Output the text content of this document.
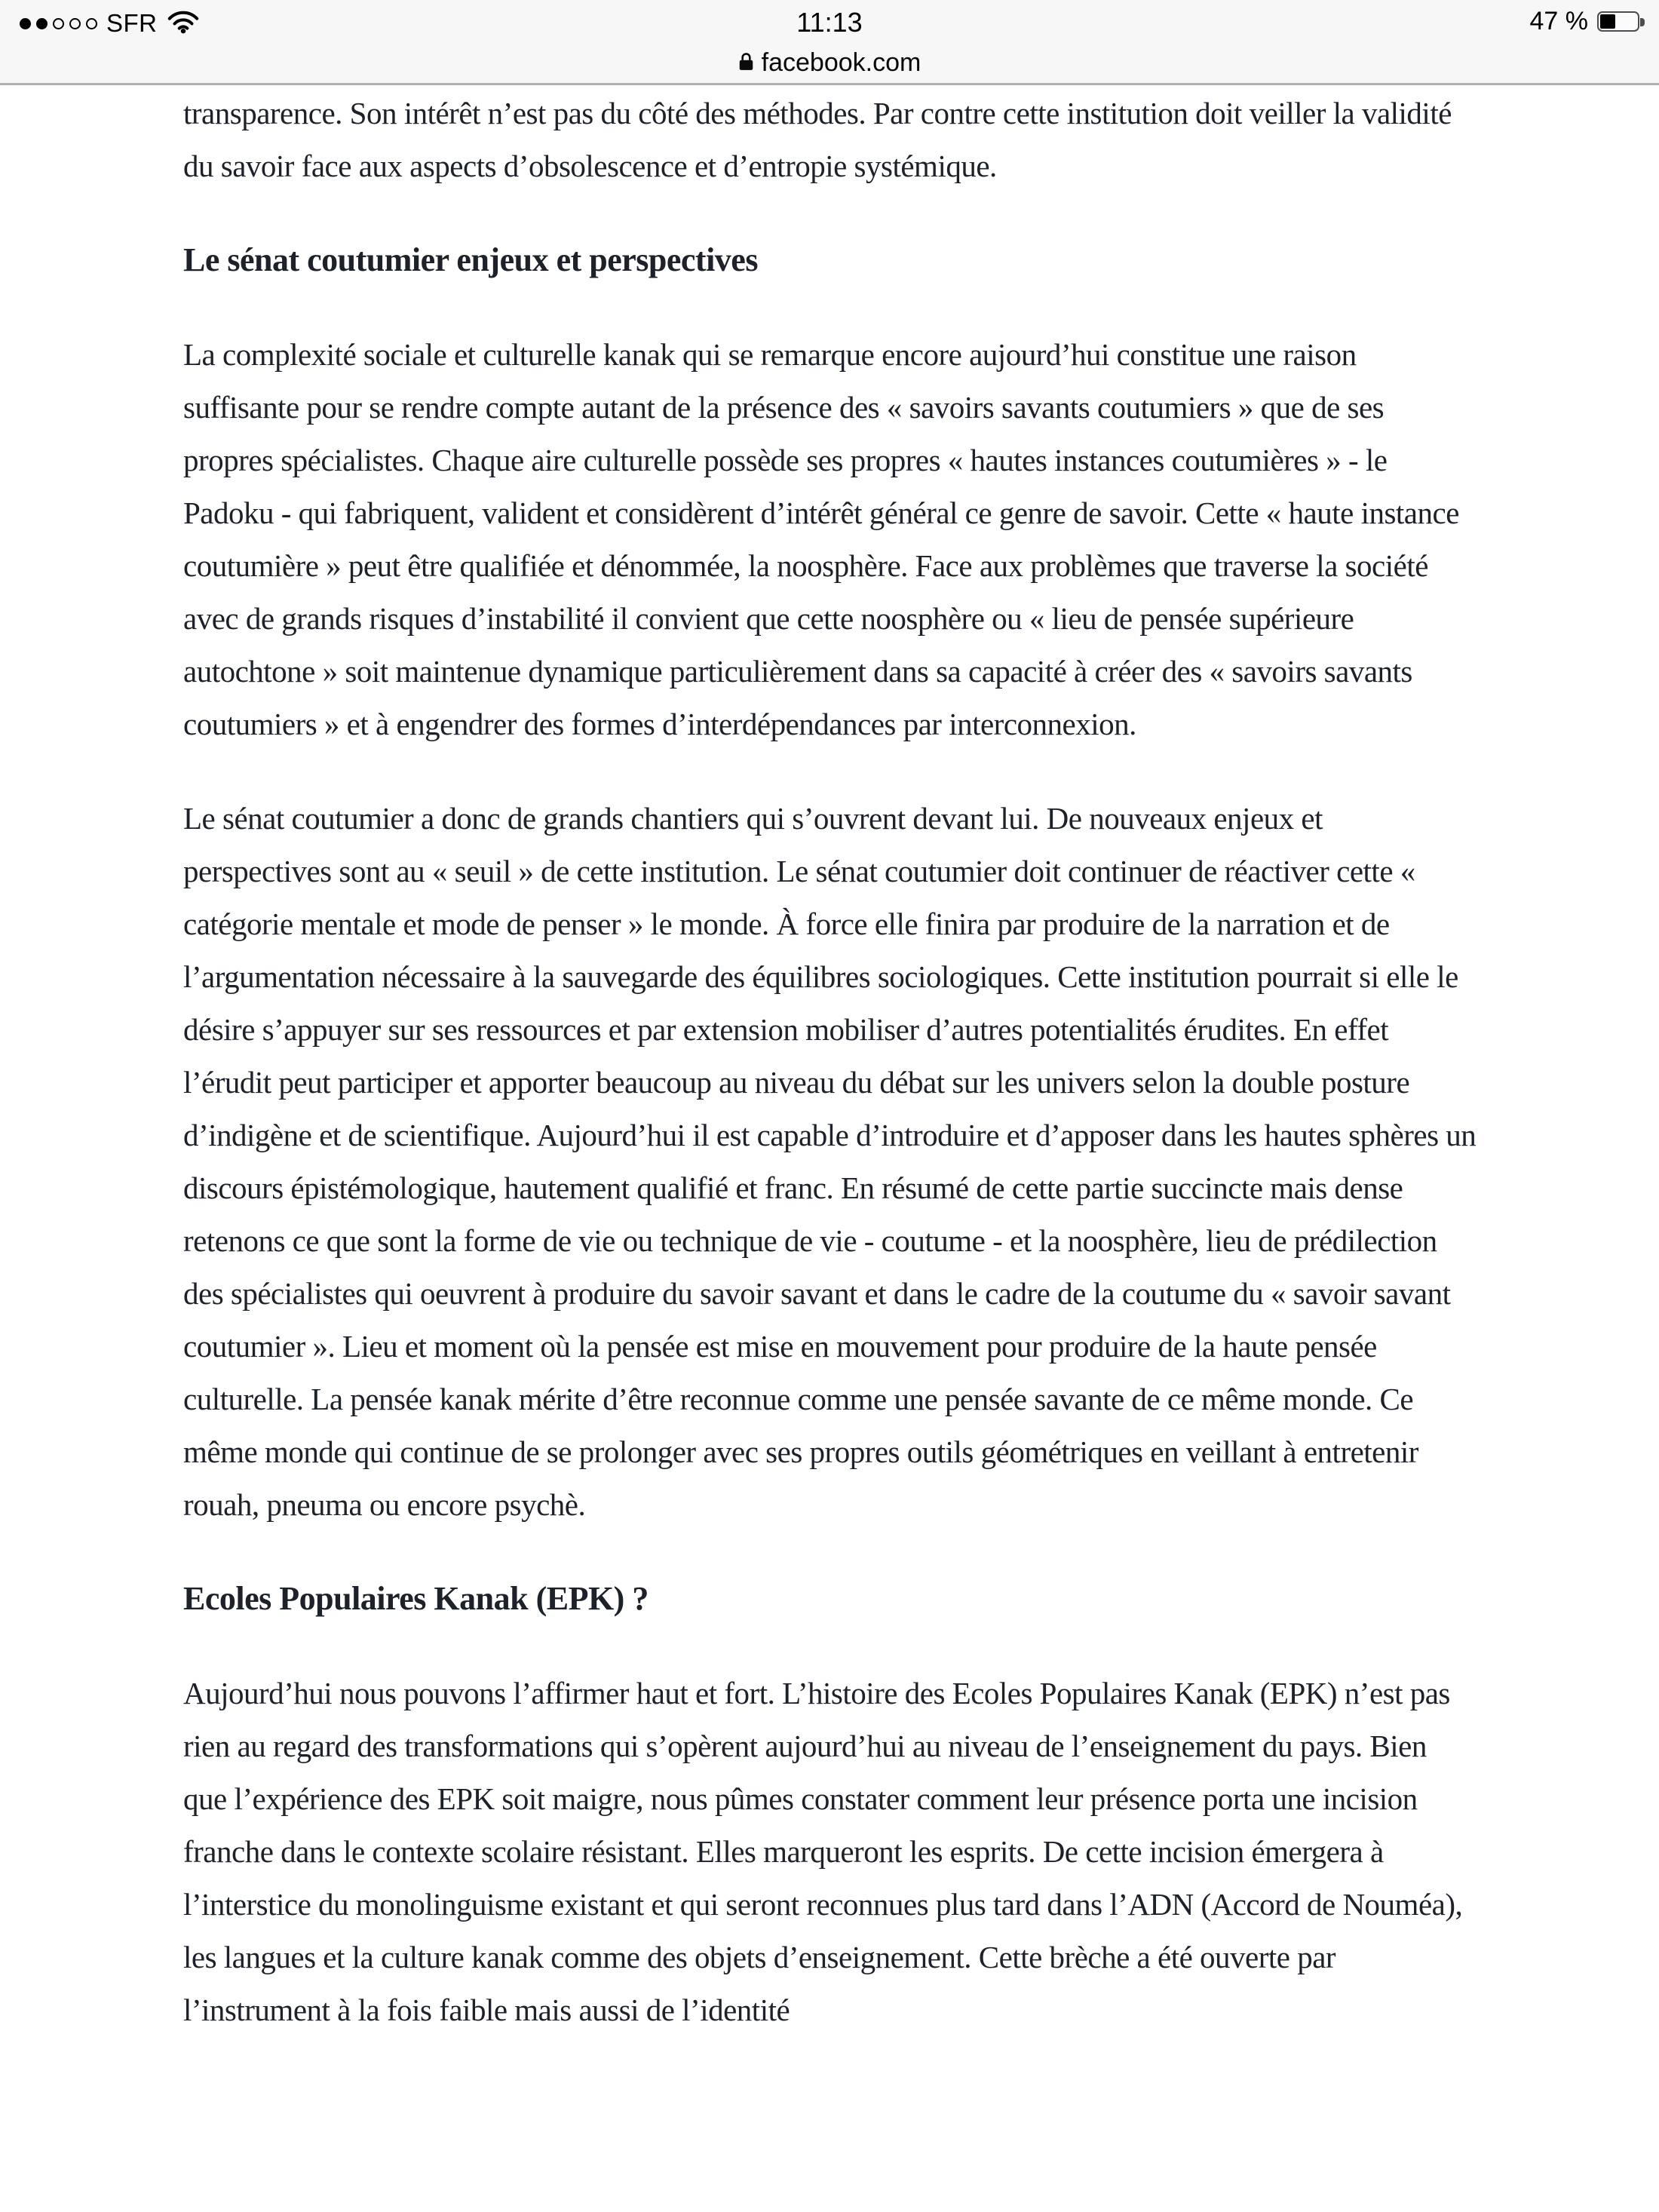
SFR	11:13	47 %
facebook.com

transparence. Son intérêt n’est pas du côté des méthodes. Par contre cette institution doit veiller la validité du savoir face aux aspects d’obsolescence et d’entropie systémique.

Le sénat coutumier enjeux et perspectives

La complexité sociale et culturelle kanak qui se remarque encore aujourd’hui constitue une raison suffisante pour se rendre compte autant de la présence des « savoirs savants coutumiers » que de ses propres spécialistes. Chaque aire culturelle possède ses propres « hautes instances coutumières » - le Padoku - qui fabriquent, valident et considèrent d’intérêt général ce genre de savoir. Cette « haute instance coutumière » peut être qualifiée et dénommée, la noosphère. Face aux problèmes que traverse la société avec de grands risques d’instabilité il convient que cette noosphère ou « lieu de pensée supérieure autochtone » soit maintenue dynamique particulièrement dans sa capacité à créer des « savoirs savants coutumiers » et à engendrer des formes d’interdépendances par interconnexion.

Le sénat coutumier a donc de grands chantiers qui s’ouvrent devant lui. De nouveaux enjeux et perspectives sont au « seuil » de cette institution. Le sénat coutumier doit continuer de réactiver cette « catégorie mentale et mode de penser » le monde. À force elle finira par produire de la narration et de l’argumentation nécessaire à la sauvegarde des équilibres sociologiques. Cette institution pourrait si elle le désire s’appuyer sur ses ressources et par extension mobiliser d’autres potentialités érudites. En effet l’érudit peut participer et apporter beaucoup au niveau du débat sur les univers selon la double posture d’indigène et de scientifique. Aujourd’hui il est capable d’introduire et d’apposer dans les hautes sphères un discours épistémologique, hautement qualifié et franc. En résumé de cette partie succincte mais dense retenons ce que sont la forme de vie ou technique de vie - coutume - et la noosphère, lieu de prédilection des spécialistes qui oeuvrent à produire du savoir savant et dans le cadre de la coutume du « savoir savant coutumier ». Lieu et moment où la pensée est mise en mouvement pour produire de la haute pensée culturelle. La pensée kanak mérite d’être reconnue comme une pensée savante de ce même monde. Ce même monde qui continue de se prolonger avec ses propres outils géométriques en veillant à entretenir rouah, pneuma ou encore psychè.

Ecoles Populaires Kanak (EPK) ?

Aujourd’hui nous pouvons l’affirmer haut et fort. L’histoire des Ecoles Populaires Kanak (EPK) n’est pas rien au regard des transformations qui s’opèrent aujourd’hui au niveau de l’enseignement du pays. Bien que l’expérience des EPK soit maigre, nous pûmes constater comment leur présence porta une incision franche dans le contexte scolaire résistant. Elles marqueront les esprits. De cette incision émergera à l’interstice du monolinguisme existant et qui seront reconnues plus tard dans l’ADN (Accord de Nouméa), les langues et la culture kanak comme des objets d’enseignement. Cette brèche a été ouverte par l’instrument à la fois faible mais aussi de l’identité
